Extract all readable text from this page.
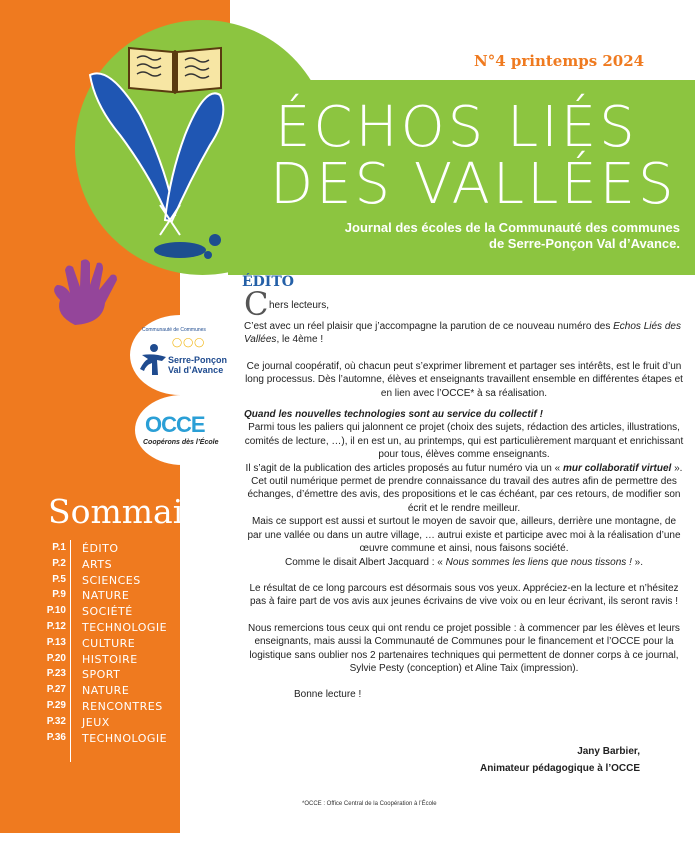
Communauté de Communes
◯◯◯
Serre-Ponçon
Val d’Avance
OCCE
Coopérons dès l’École
N°4 printemps 2024
ÉCHOS LIÉS
DES VALLÉES
Journal des écoles de la Communauté des communes
de Serre-Ponçon Val d’Avance.
Sommaire
P.1 ÉDITO
P.2 ARTS
P.5 SCIENCES
P.9 NATURE
P.10 SOCIÉTÉ
P.12 TECHNOLOGIE
P.13 CULTURE
P.20 HISTOIRE
P.23 SPORT
P.27 NATURE
P.29 RENCONTRES
P.32 JEUX
P.36 TECHNOLOGIE
ÉDITO
C hers lecteurs,

C’est avec un réel plaisir que j’accompagne la parution de ce nouveau numéro des Echos Liés des Vallées, le 4ème !

Ce journal coopératif, où chacun peut s’exprimer librement et partager ses intérêts, est le fruit d’un long processus. Dès l’automne, élèves et enseignants travaillent ensemble en différentes étapes et en lien avec l’OCCE* à sa réalisation.

Quand les nouvelles technologies sont au service du collectif !

Parmi tous les paliers qui jalonnent ce projet (choix des sujets, rédaction des articles, illustrations, comités de lecture, …), il en est un, au printemps, qui est particulièrement marquant et enrichissant pour tous, élèves comme enseignants.

Il s’agit de la publication des articles proposés au futur numéro via un « mur collaboratif virtuel ». Cet outil numérique permet de prendre connaissance du travail des autres afin de permettre des échanges, d’émettre des avis, des propositions et le cas échéant, par ces retours, de modifier son écrit et le rendre meilleur.

Mais ce support est aussi et surtout le moyen de savoir que, ailleurs, derrière une montagne, de par une vallée ou dans un autre village, … autrui existe et participe avec moi à la réalisation d’une œuvre commune et ainsi, nous faisons société.

Comme le disait Albert Jacquard : « Nous sommes les liens que nous tissons ! ».

Le résultat de ce long parcours est désormais sous vos yeux. Appréciez-en la lecture et n’hésitez pas à faire part de vos avis aux jeunes écrivains de vive voix ou en leur écrivant, ils seront ravis !

Nous remercions tous ceux qui ont rendu ce projet possible : à commencer par les élèves et leurs enseignants, mais aussi la Communauté de Communes pour le financement et l’OCCE pour la logistique sans oublier nos 2 partenaires techniques qui permettent de donner corps à ce journal, Sylvie Pesty (conception) et Aline Taix (impression).

Bonne lecture !

Jany Barbier,
Animateur pédagogique à l’OCCE
*OCCE : Office Central de la Coopération à l’École
